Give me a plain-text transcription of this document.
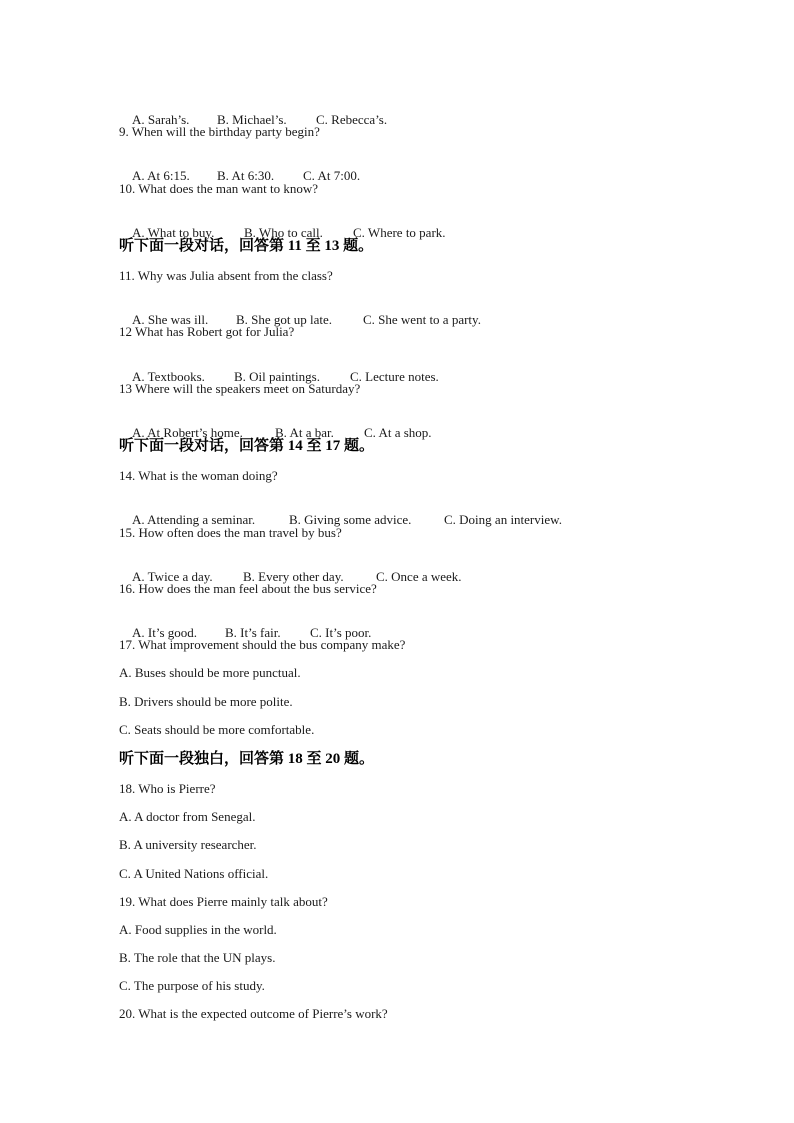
A. Sarah’s. B. Michael’s. C. Rebecca’s.

9. When will the birthday party begin?

A. At 6:15. B. At 6:30. C. At 7:00.

10. What does the man want to know?

A. What to buy. B. Who to call. C. Where to park.

听下面一段对话，回答第 11 至 13 题。
11. Why was Julia absent from the class?

A. She was ill. B. She got up late. C. She went to a party.

12 What has Robert got for Julia?

A. Textbooks. B. Oil paintings. C. Lecture notes.

13 Where will the speakers meet on Saturday?

A. At Robert’s home. B. At a bar. C. At a shop.

听下面一段对话，回答第 14 至 17 题。
14. What is the woman doing?

A. Attending a seminar.	B. Giving some advice.	C. Doing an interview.

15. How often does the man travel by bus?

A. Twice a day. B. Every other day. C. Once a week.

16. How does the man feel about the bus service?

A. It’s good. B. It’s fair. C. It’s poor.

17. What improvement should the bus company make?
A. Buses should be more punctual.
B. Drivers should be more polite.
C. Seats should be more comfortable.
听下面一段独白，回答第 18 至 20 题。
18. Who is Pierre?
A. A doctor from Senegal.
B. A university researcher.
C. A United Nations official.
19. What does Pierre mainly talk about?
A. Food supplies in the world.
B. The role that the UN plays.
C. The purpose of his study.
20. What is the expected outcome of Pierre’s work?
